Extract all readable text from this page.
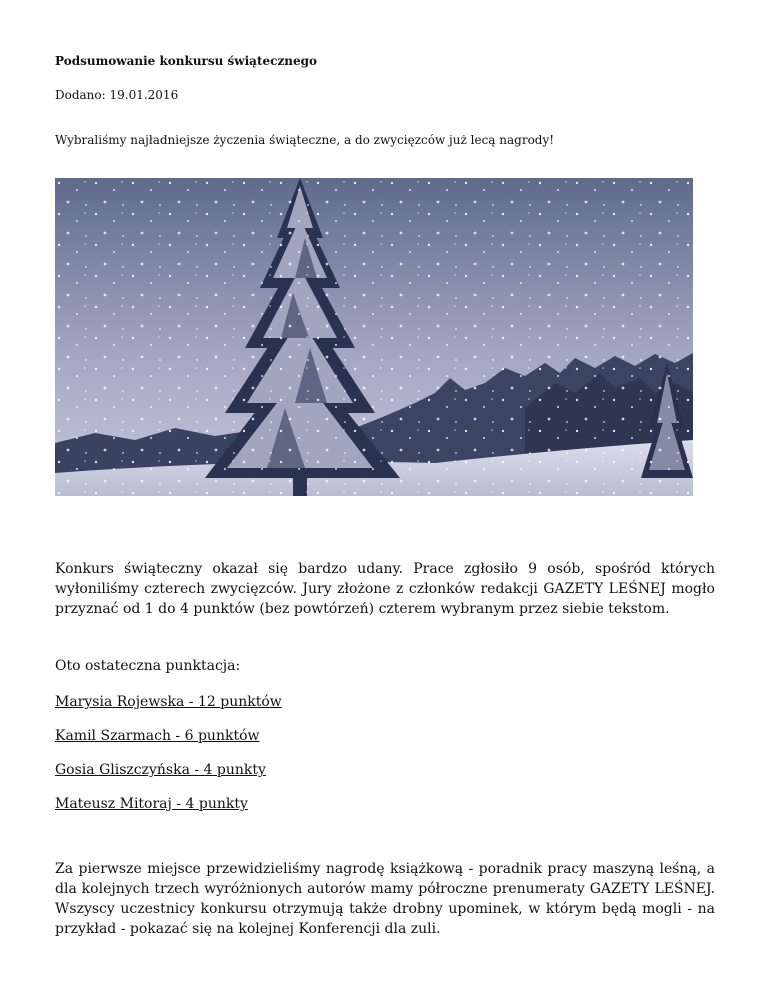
Podsumowanie konkursu świątecznego
Dodano: 19.01.2016
Wybraliśmy najładniejsze życzenia świąteczne, a do zwycięzców już lecą nagrody!
Konkurs świąteczny okazał się bardzo udany. Prace zgłosiło 9 osób, spośród których wyłoniliśmy czterech zwycięzców. Jury złożone z członków redakcji GAZETY LEŚNEJ mogło przyznać od 1 do 4 punktów (bez powtórzeń) czterem wybranym przez siebie tekstom.
Oto ostateczna punktacja:
Marysia Rojewska - 12 punktów
Kamil Szarmach - 6 punktów
Gosia Gliszczyńska - 4 punkty
Mateusz Mitoraj - 4 punkty
Za pierwsze miejsce przewidzieliśmy nagrodę książkową - poradnik pracy maszyną leśną, a dla kolejnych trzech wyróżnionych autorów mamy półroczne prenumeraty GAZETY LEŚNEJ. Wszyscy uczestnicy konkursu otrzymują także drobny upominek, w którym będą mogli - na przykład - pokazać się na kolejnej Konferencji dla zuli.
